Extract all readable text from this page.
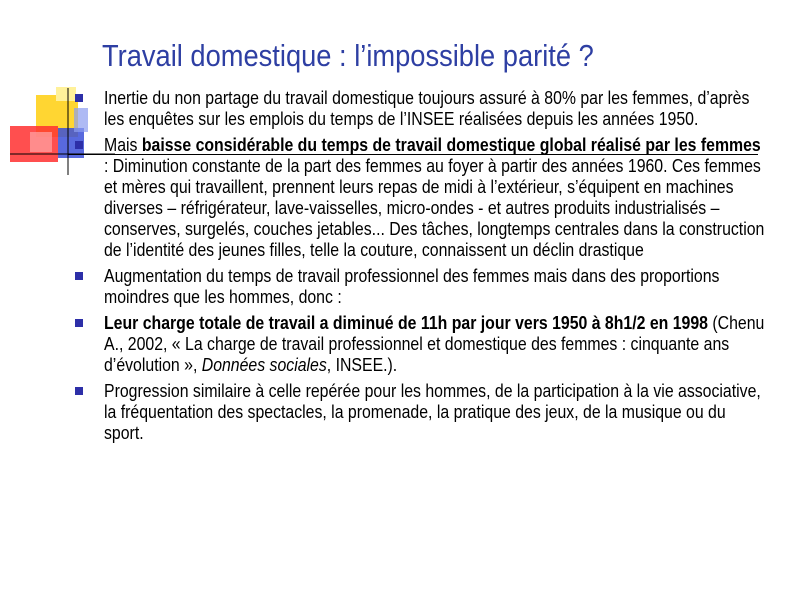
Travail domestique : l’impossible parité ?
Inertie du non partage du travail domestique toujours assuré à 80% par les femmes, d’après les enquêtes sur les emplois du temps de l’INSEE réalisées depuis les années 1950.
Mais baisse considérable du temps de travail domestique global réalisé par les femmes : Diminution constante de la part des femmes au foyer à partir des années 1960. Ces femmes et mères qui travaillent, prennent leurs repas de midi à l’extérieur, s’équipent en machines diverses – réfrigérateur, lave-vaisselles, micro-ondes - et autres produits industrialisés – conserves, surgelés, couches jetables... Des tâches, longtemps centrales dans la construction de l’identité des jeunes filles, telle la couture, connaissent un déclin drastique
Augmentation du temps de travail professionnel des femmes mais dans des proportions moindres que les hommes, donc :
Leur charge totale de travail a diminué de 11h par jour vers 1950 à 8h1/2 en 1998 (Chenu A., 2002, « La charge de travail professionnel et domestique des femmes : cinquante ans d’évolution », Données sociales, INSEE.).
Progression similaire à celle repérée pour les hommes, de la participation à la vie associative, la fréquentation des spectacles, la promenade, la pratique des jeux, de la musique ou du sport.
